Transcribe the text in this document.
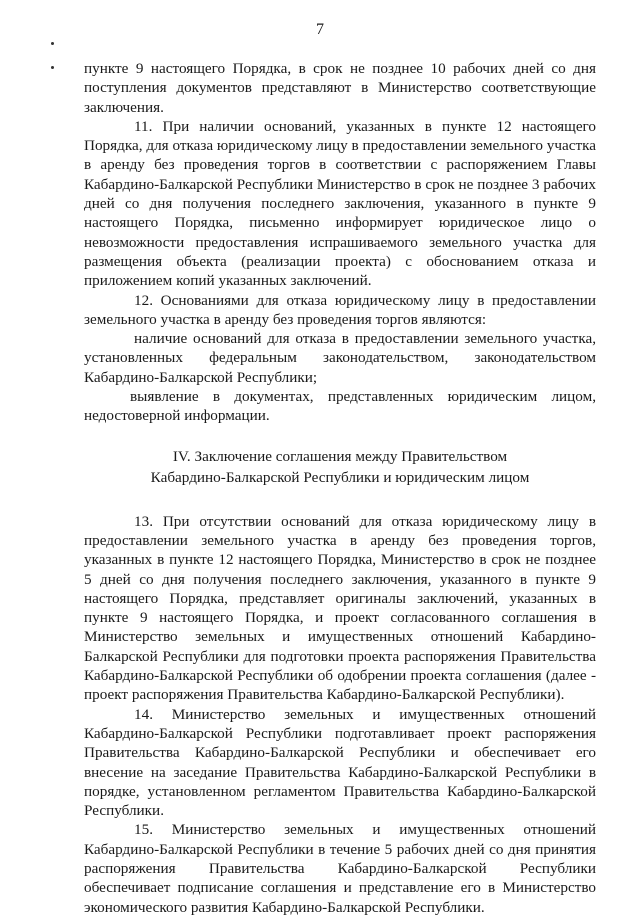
7

пункте 9 настоящего Порядка, в срок не позднее 10 рабочих дней со дня поступления документов представляют в Министерство соответствующие заключения.

11. При наличии оснований, указанных в пункте 12 настоящего Порядка, для отказа юридическому лицу в предоставлении земельного участка в аренду без проведения торгов в соответствии с распоряжением Главы Кабардино-Балкарской Республики Министерство в срок не позднее 3 рабочих дней со дня получения последнего заключения, указанного в пункте 9 настоящего Порядка, письменно информирует юридическое лицо о невозможности предоставления испрашиваемого земельного участка для размещения объекта (реализации проекта) с обоснованием отказа и приложением копий указанных заключений.

12. Основаниями для отказа юридическому лицу в предоставлении земельного участка в аренду без проведения торгов являются:

наличие оснований для отказа в предоставлении земельного участка, установленных федеральным законодательством, законодательством Кабардино-Балкарской Республики;

выявление в документах, представленных юридическим лицом, недостоверной информации.

IV. Заключение соглашения между Правительством
Кабардино-Балкарской Республики и юридическим лицом

13. При отсутствии оснований для отказа юридическому лицу в предоставлении земельного участка в аренду без проведения торгов, указанных в пункте 12 настоящего Порядка, Министерство в срок не позднее 5 дней со дня получения последнего заключения, указанного в пункте 9 настоящего Порядка, представляет оригиналы заключений, указанных в пункте 9 настоящего Порядка, и проект согласованного соглашения в Министерство земельных и имущественных отношений Кабардино-Балкарской Республики для подготовки проекта распоряжения Правительства Кабардино-Балкарской Республики об одобрении проекта соглашения (далее - проект распоряжения Правительства Кабардино-Балкарской Республики).

14. Министерство земельных и имущественных отношений Кабардино-Балкарской Республики подготавливает проект распоряжения Правительства Кабардино-Балкарской Республики и обеспечивает его внесение на заседание Правительства Кабардино-Балкарской Республики в порядке, установленном регламентом Правительства Кабардино-Балкарской Республики.

15. Министерство земельных и имущественных отношений Кабардино-Балкарской Республики в течение 5 рабочих дней со дня принятия распоряжения Правительства Кабардино-Балкарской Республики обеспечивает подписание соглашения и представление его в Министерство экономического развития Кабардино-Балкарской Республики.
